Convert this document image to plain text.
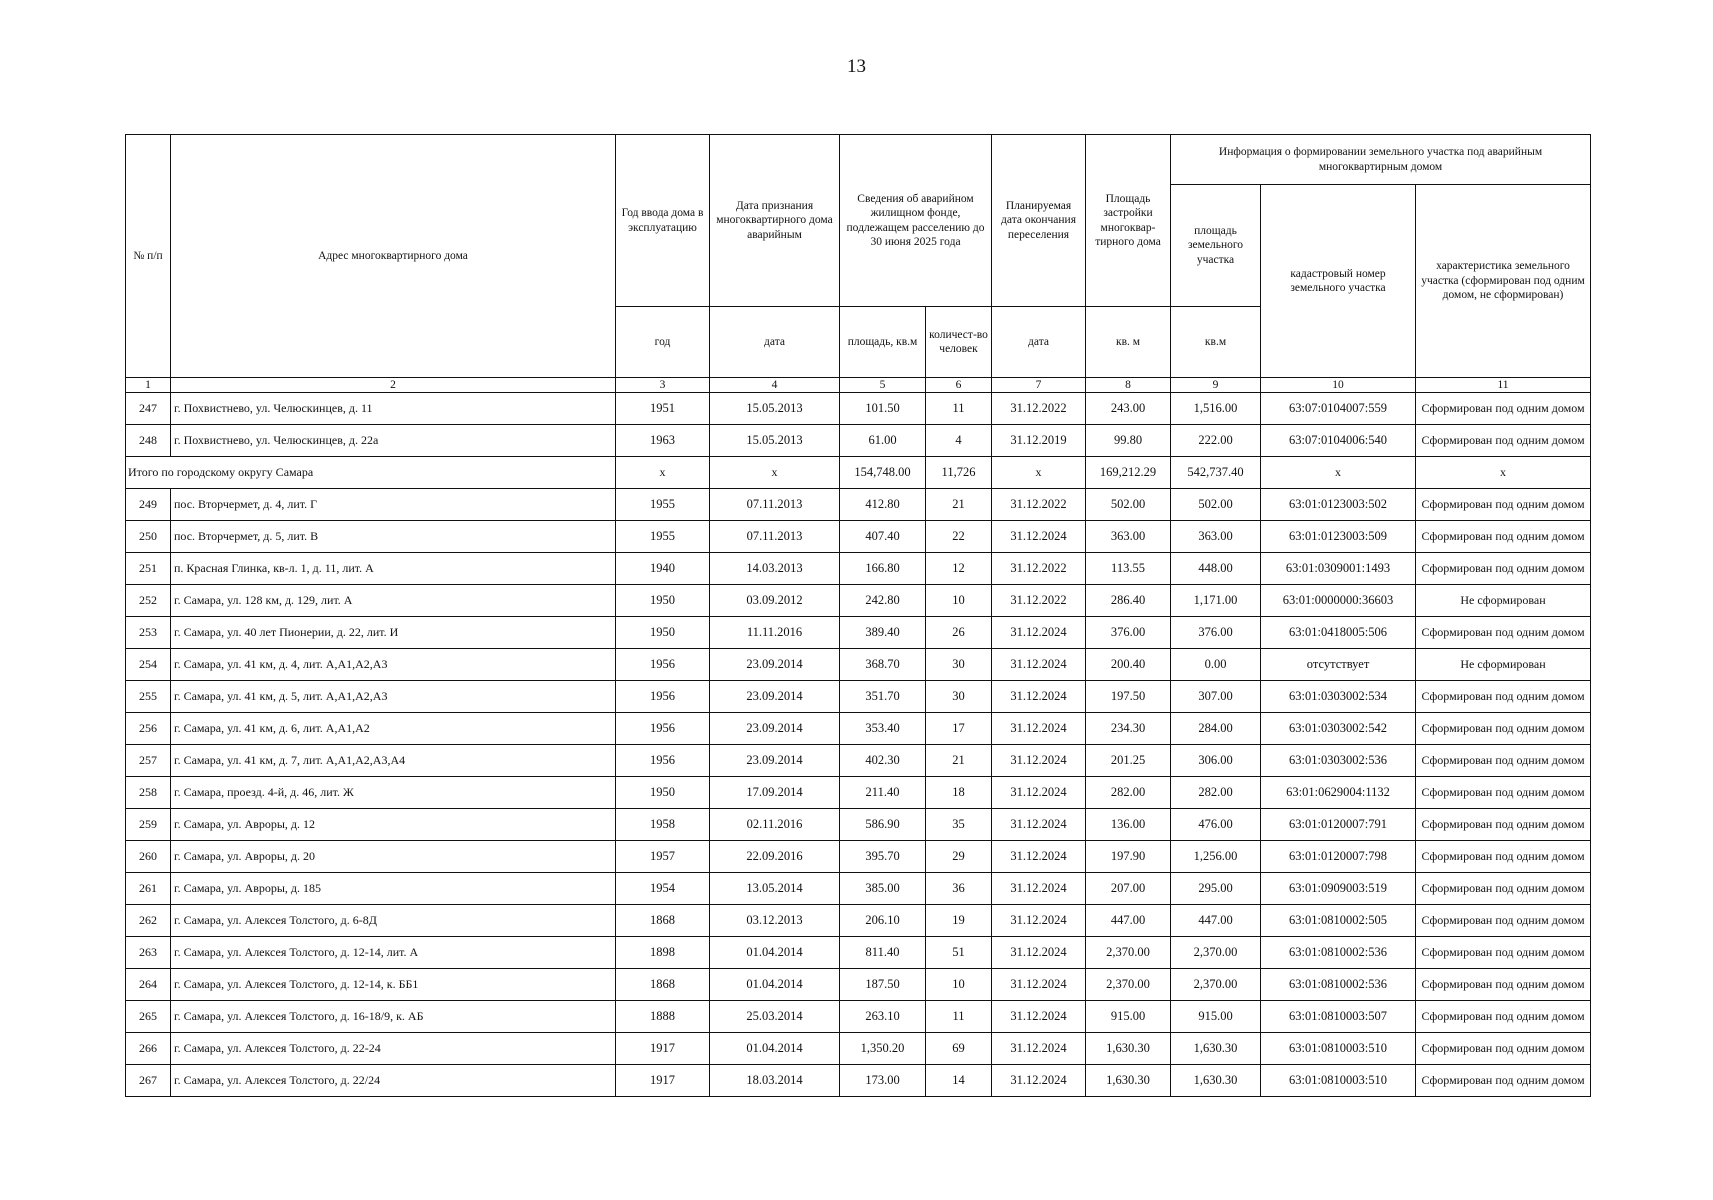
13
№ п/п	Адрес многоквартирного дома	Год ввода дома в эксплуатацию	Дата признания многоквартирного дома аварийным	Сведения об аварийном жилищном фонде, подлежащем расселению до 30 июня 2025 года		Планируемая дата окончания переселения	Площадь застройки многоквар-тирного дома	Информация о формировании земельного участка под аварийным многоквартирным домом		
								площадь земельного участка	кадастровый номер земельного участка	характеристика земельного участка (сформирован под одним домом, не сформирован)
		год	дата	площадь, кв.м	количест-во человек	дата	кв. м	кв.м		
1	2	3	4	5	6	7	8	9	10	11
247	г. Похвистнево, ул. Челюскинцев, д. 11	1951	15.05.2013	101.50	11	31.12.2022	243.00	1,516.00	63:07:0104007:559	Сформирован под одним домом
248	г. Похвистнево, ул. Челюскинцев, д. 22а	1963	15.05.2013	61.00	4	31.12.2019	99.80	222.00	63:07:0104006:540	Сформирован под одним домом
Итого по городскому округу Самара		x	x	154,748.00	11,726	x	169,212.29	542,737.40	x	x
249	пос. Вторчермет, д. 4, лит. Г	1955	07.11.2013	412.80	21	31.12.2022	502.00	502.00	63:01:0123003:502	Сформирован под одним домом
250	пос. Вторчермет, д. 5, лит. В	1955	07.11.2013	407.40	22	31.12.2024	363.00	363.00	63:01:0123003:509	Сформирован под одним домом
251	п. Красная Глинка, кв-л. 1, д. 11, лит. А	1940	14.03.2013	166.80	12	31.12.2022	113.55	448.00	63:01:0309001:1493	Сформирован под одним домом
252	г. Самара, ул. 128 км, д. 129, лит. А	1950	03.09.2012	242.80	10	31.12.2022	286.40	1,171.00	63:01:0000000:36603	Не сформирован
253	г. Самара, ул. 40 лет Пионерии, д. 22, лит. И	1950	11.11.2016	389.40	26	31.12.2024	376.00	376.00	63:01:0418005:506	Сформирован под одним домом
254	г. Самара, ул. 41 км, д. 4, лит. А,А1,А2,А3	1956	23.09.2014	368.70	30	31.12.2024	200.40	0.00	отсутствует	Не сформирован
255	г. Самара, ул. 41 км, д. 5, лит. А,А1,А2,А3	1956	23.09.2014	351.70	30	31.12.2024	197.50	307.00	63:01:0303002:534	Сформирован под одним домом
256	г. Самара, ул. 41 км, д. 6, лит. А,А1,А2	1956	23.09.2014	353.40	17	31.12.2024	234.30	284.00	63:01:0303002:542	Сформирован под одним домом
257	г. Самара, ул. 41 км, д. 7, лит. А,А1,А2,А3,А4	1956	23.09.2014	402.30	21	31.12.2024	201.25	306.00	63:01:0303002:536	Сформирован под одним домом
258	г. Самара, проезд. 4-й, д. 46, лит. Ж	1950	17.09.2014	211.40	18	31.12.2024	282.00	282.00	63:01:0629004:1132	Сформирован под одним домом
259	г. Самара, ул. Авроры, д. 12	1958	02.11.2016	586.90	35	31.12.2024	136.00	476.00	63:01:0120007:791	Сформирован под одним домом
260	г. Самара, ул. Авроры, д. 20	1957	22.09.2016	395.70	29	31.12.2024	197.90	1,256.00	63:01:0120007:798	Сформирован под одним домом
261	г. Самара, ул. Авроры, д. 185	1954	13.05.2014	385.00	36	31.12.2024	207.00	295.00	63:01:0909003:519	Сформирован под одним домом
262	г. Самара, ул. Алексея Толстого, д. 6-8Д	1868	03.12.2013	206.10	19	31.12.2024	447.00	447.00	63:01:0810002:505	Сформирован под одним домом
263	г. Самара, ул. Алексея Толстого, д. 12-14, лит. А	1898	01.04.2014	811.40	51	31.12.2024	2,370.00	2,370.00	63:01:0810002:536	Сформирован под одним домом
264	г. Самара, ул. Алексея Толстого, д. 12-14, к. ББ1	1868	01.04.2014	187.50	10	31.12.2024	2,370.00	2,370.00	63:01:0810002:536	Сформирован под одним домом
265	г. Самара, ул. Алексея Толстого, д. 16-18/9, к. АБ	1888	25.03.2014	263.10	11	31.12.2024	915.00	915.00	63:01:0810003:507	Сформирован под одним домом
266	г. Самара, ул. Алексея Толстого, д. 22-24	1917	01.04.2014	1,350.20	69	31.12.2024	1,630.30	1,630.30	63:01:0810003:510	Сформирован под одним домом
267	г. Самара, ул. Алексея Толстого, д. 22/24	1917	18.03.2014	173.00	14	31.12.2024	1,630.30	1,630.30	63:01:0810003:510	Сформирован под одним домом
